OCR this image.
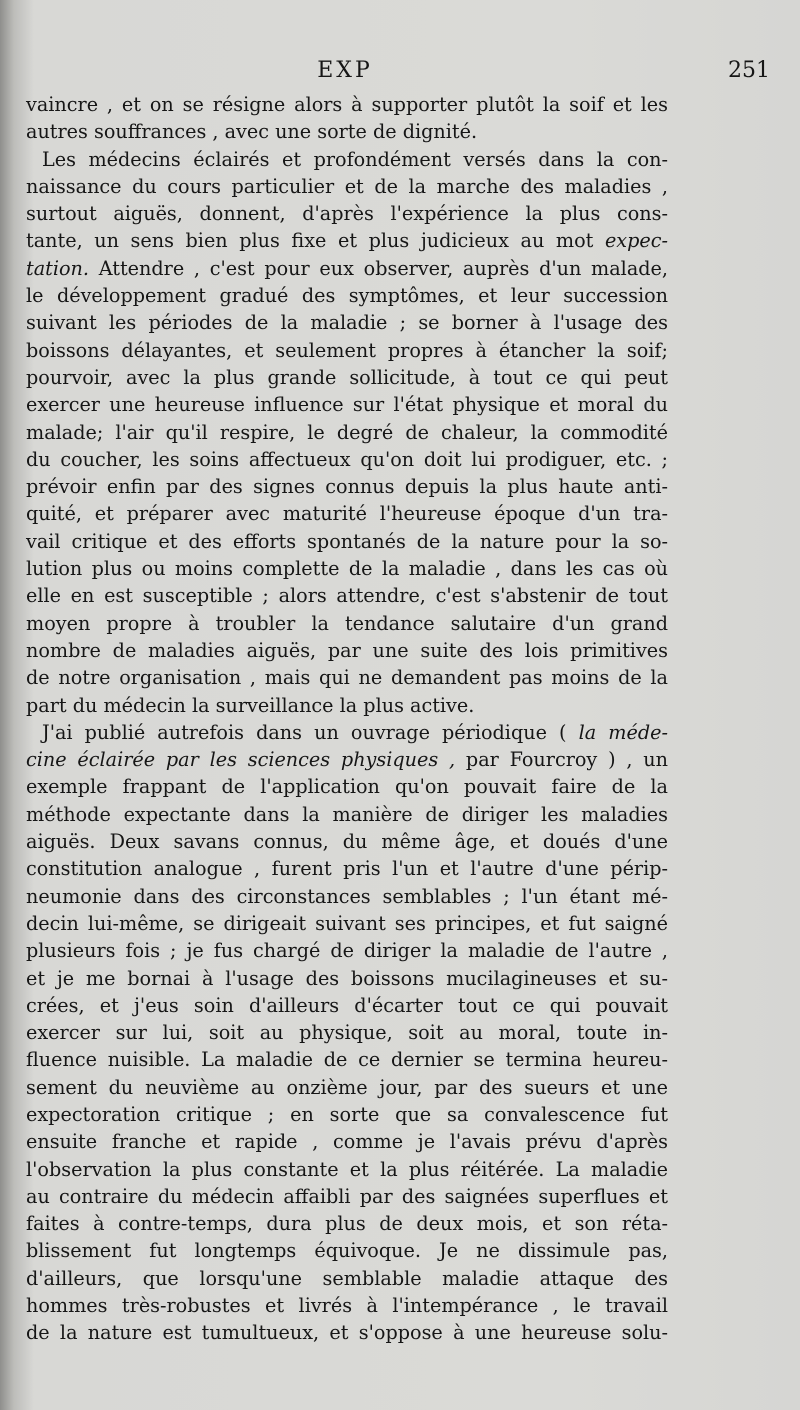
EXP	251
vaincre , et on se résigne alors à supporter plutôt la soif et les
autres souffrances , avec une sorte de dignité.
Les médecins éclairés et profondément versés dans la con-
naissance du cours particulier et de la marche des maladies ,
surtout aiguës, donnent, d'après l'expérience la plus cons-
tante, un sens bien plus fixe et plus judicieux au mot expec-
tation. Attendre , c'est pour eux observer, auprès d'un malade,
le développement gradué des symptômes, et leur succession
suivant les périodes de la maladie ; se borner à l'usage des
boissons délayantes, et seulement propres à étancher la soif;
pourvoir, avec la plus grande sollicitude, à tout ce qui peut
exercer une heureuse influence sur l'état physique et moral du
malade; l'air qu'il respire, le degré de chaleur, la commodité
du coucher, les soins affectueux qu'on doit lui prodiguer, etc. ;
prévoir enfin par des signes connus depuis la plus haute anti-
quité, et préparer avec maturité l'heureuse époque d'un tra-
vail critique et des efforts spontanés de la nature pour la so-
lution plus ou moins complette de la maladie , dans les cas où
elle en est susceptible ; alors attendre, c'est s'abstenir de tout
moyen propre à troubler la tendance salutaire d'un grand
nombre de maladies aiguës, par une suite des lois primitives
de notre organisation , mais qui ne demandent pas moins de la
part du médecin la surveillance la plus active.
J'ai publié autrefois dans un ouvrage périodique ( la méde-
cine éclairée par les sciences physiques , par Fourcroy ) , un
exemple frappant de l'application qu'on pouvait faire de la
méthode expectante dans la manière de diriger les maladies
aiguës. Deux savans connus, du même âge, et doués d'une
constitution analogue , furent pris l'un et l'autre d'une périp-
neumonie dans des circonstances semblables ; l'un étant mé-
decin lui-même, se dirigeait suivant ses principes, et fut saigné
plusieurs fois ; je fus chargé de diriger la maladie de l'autre ,
et je me bornai à l'usage des boissons mucilagineuses et su-
crées, et j'eus soin d'ailleurs d'écarter tout ce qui pouvait
exercer sur lui, soit au physique, soit au moral, toute in-
fluence nuisible. La maladie de ce dernier se termina heureu-
sement du neuvième au onzième jour, par des sueurs et une
expectoration critique ; en sorte que sa convalescence fut
ensuite franche et rapide , comme je l'avais prévu d'après
l'observation la plus constante et la plus réitérée. La maladie
au contraire du médecin affaibli par des saignées superflues et
faites à contre-temps, dura plus de deux mois, et son réta-
blissement fut longtemps équivoque. Je ne dissimule pas,
d'ailleurs, que lorsqu'une semblable maladie attaque des
hommes très-robustes et livrés à l'intempérance , le travail
de la nature est tumultueux, et s'oppose à une heureuse solu-
